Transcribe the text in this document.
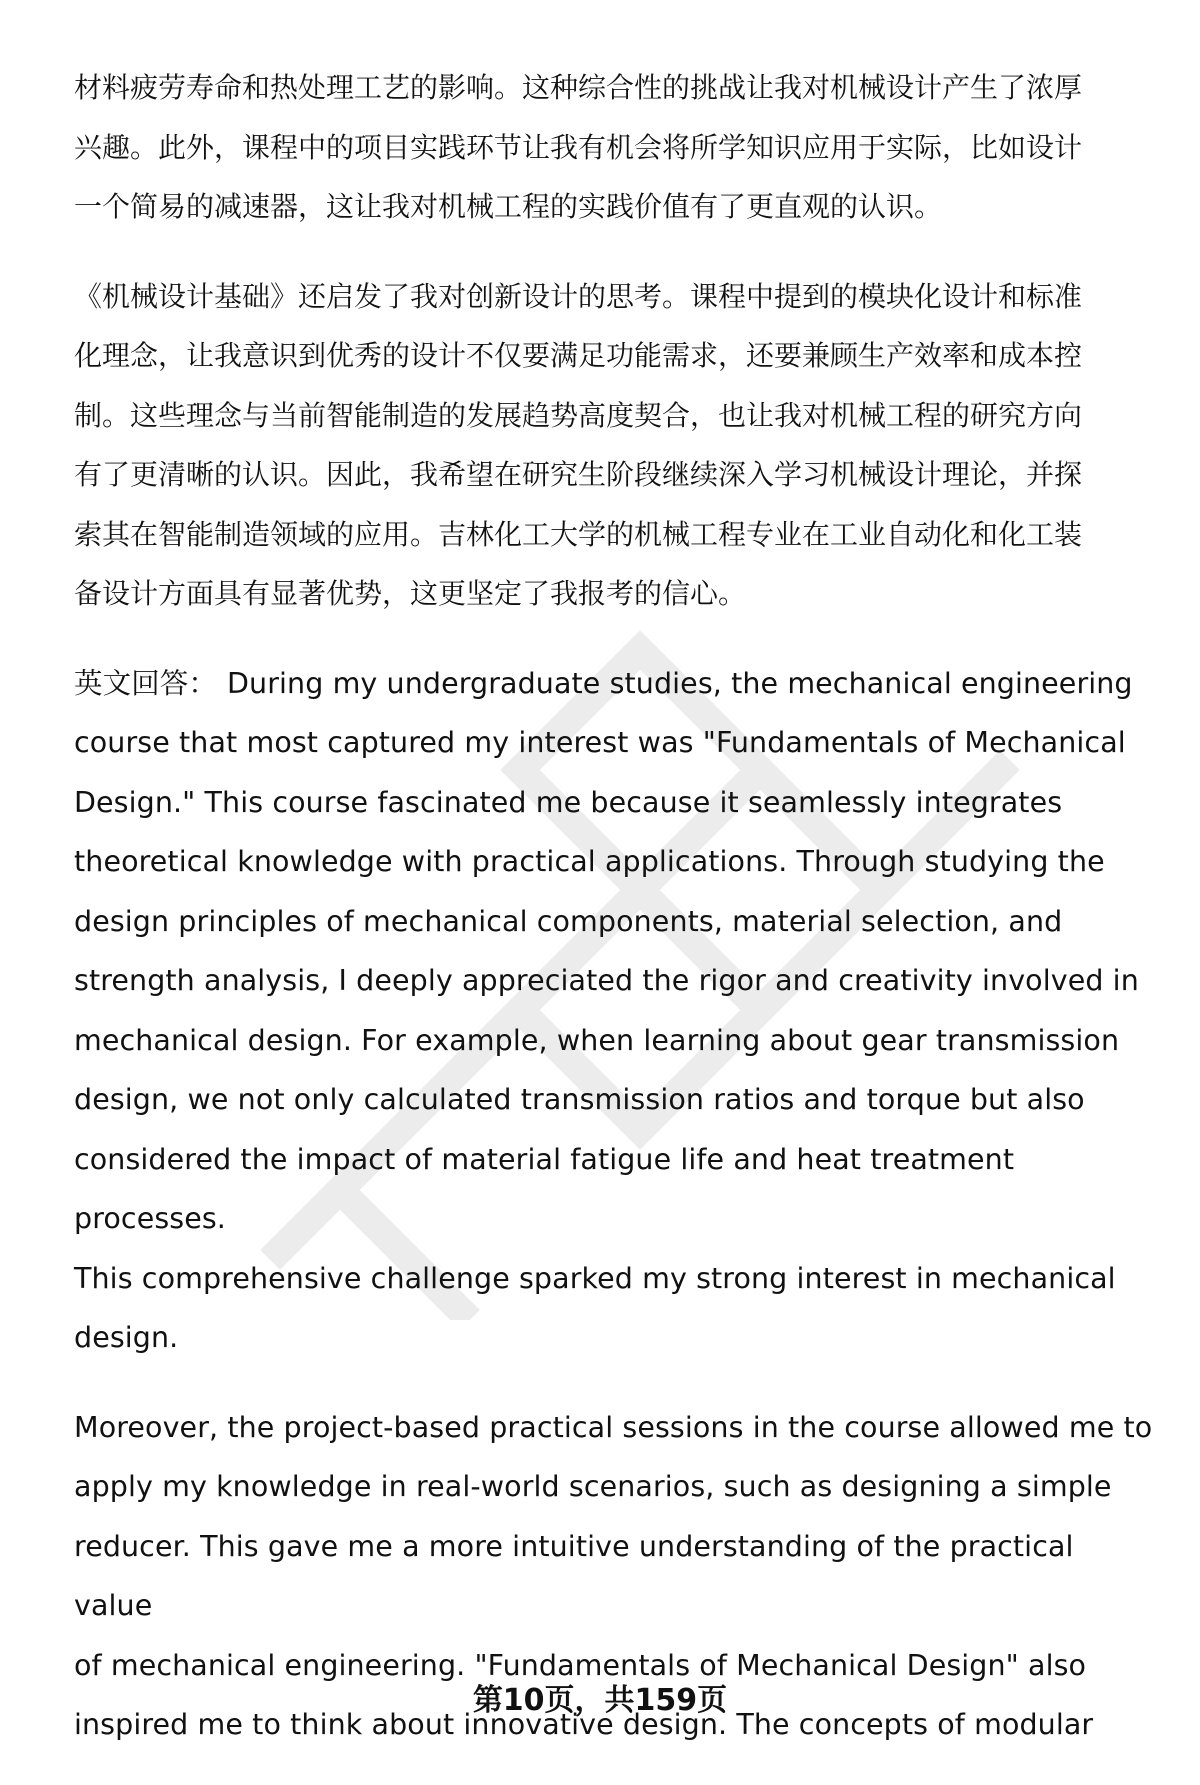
材料疲劳寿命和热处理工艺的影响。这种综合性的挑战让我对机械设计产生了浓厚
兴趣。此外，课程中的项目实践环节让我有机会将所学知识应用于实际，比如设计
一个简易的减速器，这让我对机械工程的实践价值有了更直观的认识。

《机械设计基础》还启发了我对创新设计的思考。课程中提到的模块化设计和标准
化理念，让我意识到优秀的设计不仅要满足功能需求，还要兼顾生产效率和成本控
制。这些理念与当前智能制造的发展趋势高度契合，也让我对机械工程的研究方向
有了更清晰的认识。因此，我希望在研究生阶段继续深入学习机械设计理论，并探
索其在智能制造领域的应用。吉林化工大学的机械工程专业在工业自动化和化工装
备设计方面具有显著优势，这更坚定了我报考的信心。

英文回答： During my undergraduate studies, the mechanical engineering
course that most captured my interest was "Fundamentals of Mechanical
Design." This course fascinated me because it seamlessly integrates
theoretical knowledge with practical applications. Through studying the
design principles of mechanical components, material selection, and
strength analysis, I deeply appreciated the rigor and creativity involved in
mechanical design. For example, when learning about gear transmission
design, we not only calculated transmission ratios and torque but also
considered the impact of material fatigue life and heat treatment processes.
This comprehensive challenge sparked my strong interest in mechanical
design.

Moreover, the project-based practical sessions in the course allowed me to
apply my knowledge in real-world scenarios, such as designing a simple
reducer. This gave me a more intuitive understanding of the practical value
of mechanical engineering. "Fundamentals of Mechanical Design" also
inspired me to think about innovative design. The concepts of modular

第10页，共159页
